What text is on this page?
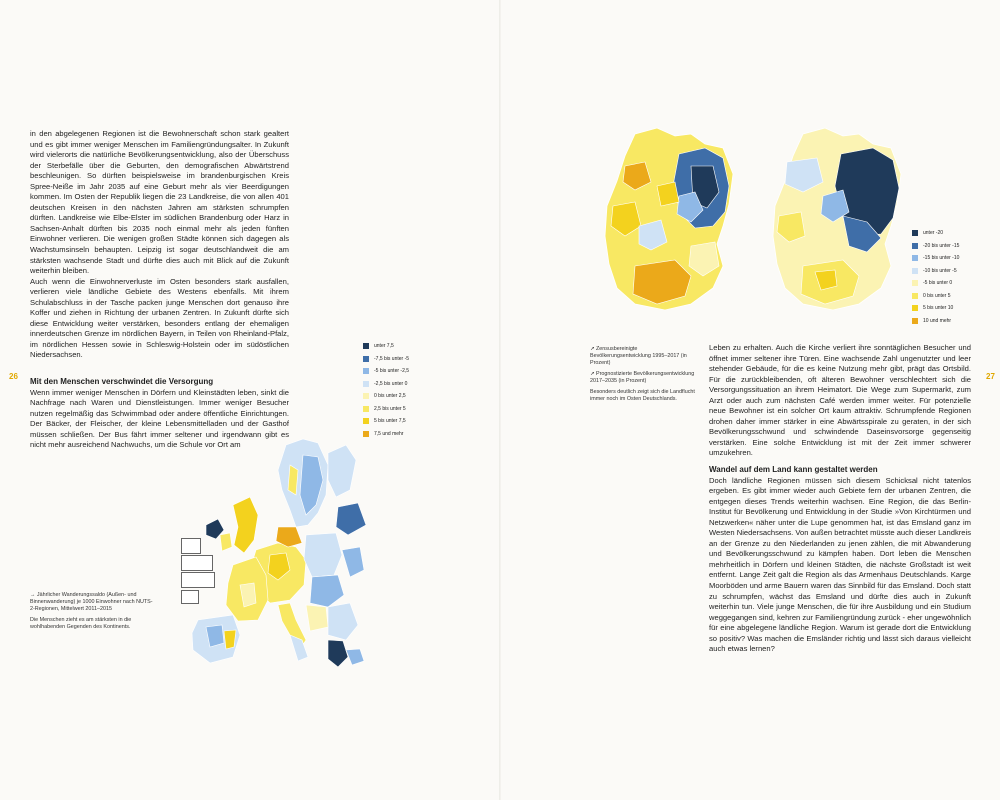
in den abgelegenen Regionen ist die Bewohnerschaft schon stark gealtert und es gibt immer weniger Menschen im Familiengründungsalter. In Zukunft wird vielerorts die natürliche Bevölkerungsentwicklung, also der Überschuss der Sterbefälle über die Geburten, den demografischen Abwärtstrend beschleunigen. So dürften beispielsweise im brandenburgischen Kreis Spree-Neiße im Jahr 2035 auf eine Geburt mehr als vier Beerdigungen kommen. Im Osten der Republik liegen die 23 Landkreise, die von allen 401 deutschen Kreisen in den nächsten Jahren am stärksten schrumpfen dürften. Landkreise wie Elbe-Elster im südlichen Brandenburg oder Harz in Sachsen-Anhalt dürften bis 2035 noch einmal mehr als jeden fünften Einwohner verlieren. Die wenigen großen Städte können sich dagegen als Wachstumsinseln behaupten. Leipzig ist sogar deutschlandweit die am stärksten wachsende Stadt und dürfte dies auch mit Blick auf die Zukunft weiterhin bleiben.

Auch wenn die Einwohnerverluste im Osten besonders stark ausfallen, verlieren viele ländliche Gebiete des Westens ebenfalls. Mit ihrem Schulabschluss in der Tasche packen junge Menschen dort genauso ihre Koffer und ziehen in Richtung der urbanen Zentren. In Zukunft dürfte sich diese Entwicklung weiter verstärken, besonders entlang der ehemaligen innerdeutschen Grenze im nördlichen Bayern, in Teilen von Rheinland-Pfalz, im nördlichen Hessen sowie in Schleswig-Holstein oder im südöstlichen Niedersachsen.

26

Mit den Menschen verschwindet die Versorgung

Wenn immer weniger Menschen in Dörfern und Kleinstädten leben, sinkt die Nachfrage nach Waren und Dienstleistungen. Immer weniger Besucher nutzen regelmäßig das Schwimmbad oder andere öffentliche Einrichtungen. Der Bäcker, der Fleischer, der kleine Lebensmittelladen und der Gasthof müssen schließen. Der Bus fährt immer seltener und irgendwann gibt es nicht mehr ausreichend Nachwuchs, um die Schule vor Ort am

unter 7,5
-7,5 bis unter -5
-5 bis unter -2,5
-2,5 bis unter 0
0 bis unter 2,5
2,5 bis unter 5
5 bis unter 7,5
7,5 und mehr

→ Jährlicher Wanderungssaldo (Außen- und Binnenwanderung) je 1000 Einwohner nach NUTS-2-Regionen, Mittelwert 2011–2015

Die Menschen zieht es am stärksten in die wohlhabenden Gegenden des Kontinents.

unter -20
-20 bis unter -15
-15 bis unter -10
-10 bis unter -5
-5 bis unter 0
0 bis unter 5
5 bis unter 10
10 und mehr

↗ Zensusbereinigte Bevölkerungsentwicklung 1995–2017 (in Prozent)

↗ Prognostizierte Bevölkerungsentwicklung 2017–2035 (in Prozent)

Besonders deutlich zeigt sich die Landflucht immer noch im Osten Deutschlands.

27

Leben zu erhalten. Auch die Kirche verliert ihre sonntäglichen Besucher und öffnet immer seltener ihre Türen. Eine wachsende Zahl ungenutzter und leer stehender Gebäude, für die es keine Nutzung mehr gibt, prägt das Ortsbild. Für die zurückbleibenden, oft älteren Bewohner verschlechtert sich die Versorgungssituation an ihrem Heimatort. Die Wege zum Supermarkt, zum Arzt oder auch zum nächsten Café werden immer weiter. Für potenzielle neue Bewohner ist ein solcher Ort kaum attraktiv. Schrumpfende Regionen drohen daher immer stärker in eine Abwärtsspirale zu geraten, in der sich Bevölkerungsschwund und schwindende Daseinsvorsorge gegenseitig verstärken. Eine solche Entwicklung ist mit der Zeit immer schwerer umzukehren.

Wandel auf dem Land kann gestaltet werden

Doch ländliche Regionen müssen sich diesem Schicksal nicht tatenlos ergeben. Es gibt immer wieder auch Gebiete fern der urbanen Zentren, die entgegen dieses Trends weiterhin wachsen. Eine Region, die das Berlin-Institut für Bevölkerung und Entwicklung in der Studie »Von Kirchtürmen und Netzwerken« näher unter die Lupe genommen hat, ist das Emsland ganz im Westen Niedersachsens. Von außen betrachtet müsste auch dieser Landkreis an der Grenze zu den Niederlanden zu jenen zählen, die mit Abwanderung und Bevölkerungsschwund zu kämpfen haben. Dort leben die Menschen mehrheitlich in Dörfern und kleinen Städten, die nächste Großstadt ist weit entfernt. Lange Zeit galt die Region als das Armenhaus Deutschlands. Karge Moorböden und arme Bauern waren das Sinnbild für das Emsland. Doch statt zu schrumpfen, wächst das Emsland und dürfte dies auch in Zukunft weiterhin tun. Viele junge Menschen, die für ihre Ausbildung und ein Studium weggegangen sind, kehren zur Familiengründung zurück - eher ungewöhnlich für eine abgelegene ländliche Region. Warum ist gerade dort die Entwicklung so positiv? Was machen die Emsländer richtig und lässt sich daraus vielleicht auch etwas lernen?
